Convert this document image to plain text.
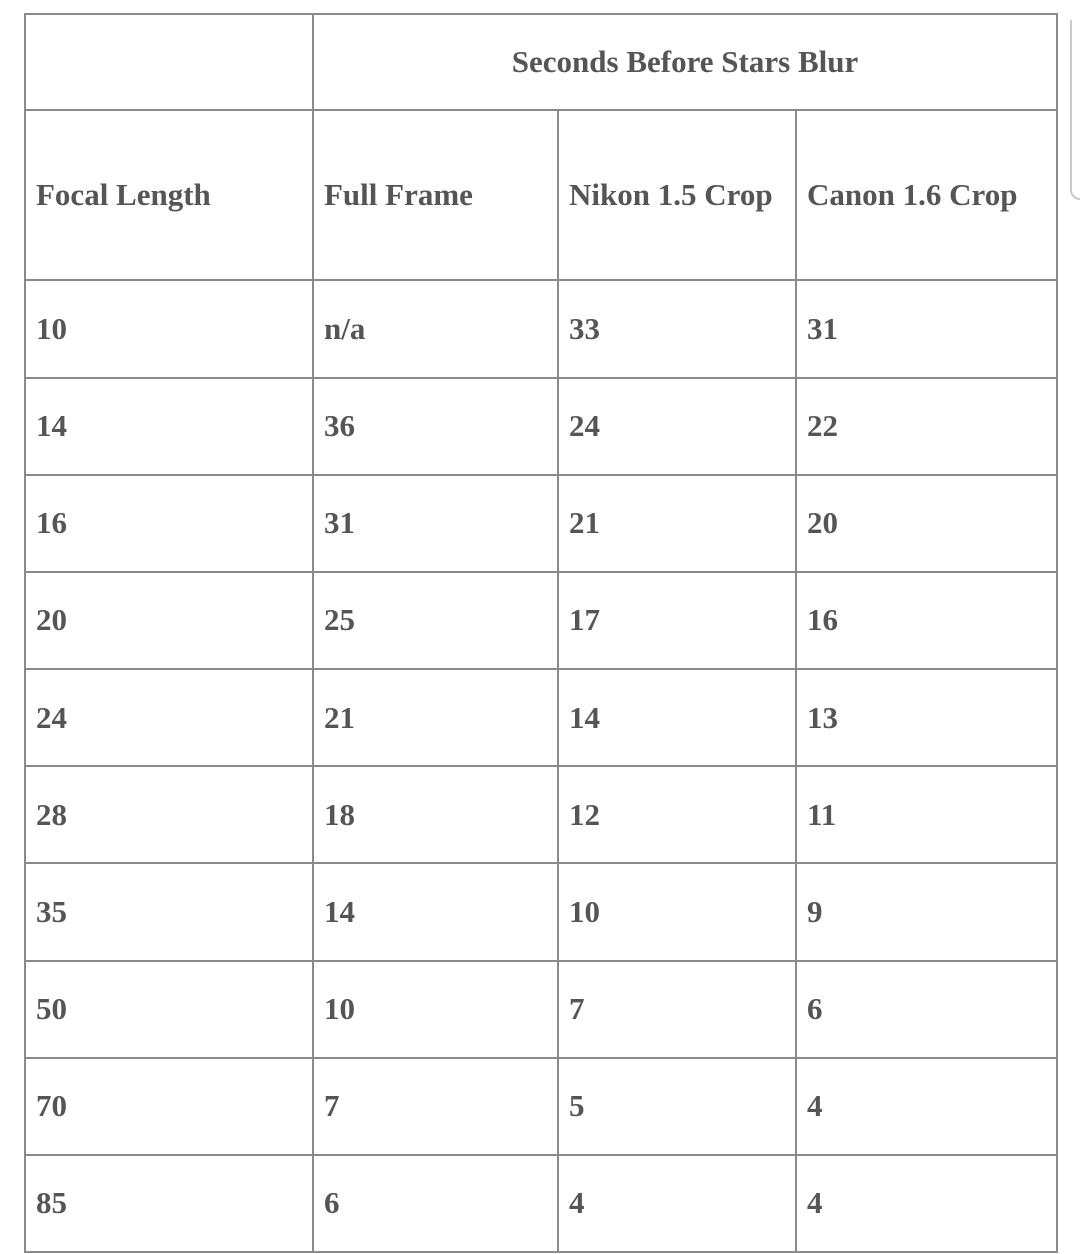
	Seconds Before Stars Blur		
Focal Length	Full Frame	Nikon 1.5 Crop	Canon 1.6 Crop
10	n/a	33	31
14	36	24	22
16	31	21	20
20	25	17	16
24	21	14	13
28	18	12	11
35	14	10	9
50	10	7	6
70	7	5	4
85	6	4	4
